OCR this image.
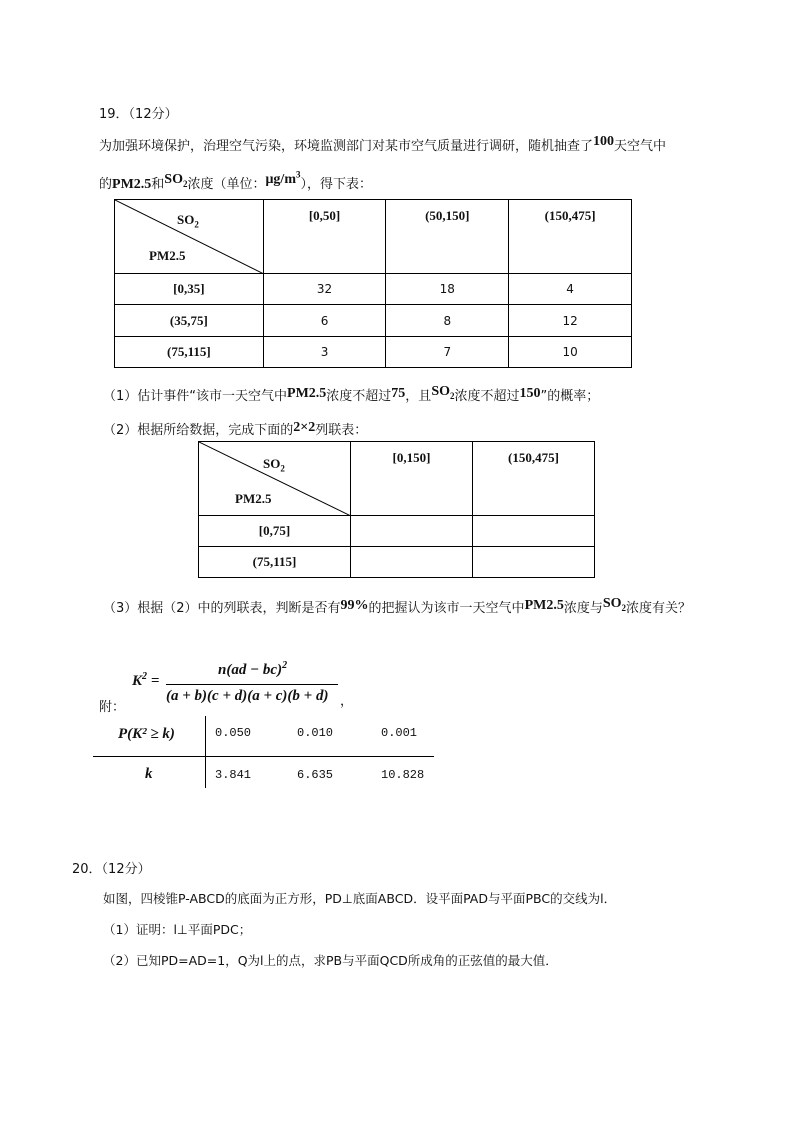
19．（12分）
为加强环境保护，治理空气污染，环境监测部门对某市空气质量进行调研，随机抽查了100天空气中
的PM2.5和$SO_2$浓度（单位：$\mu g/m^3$），得下表：
$SO_2$
PM2.5	[0,50]	(50,150]	(150,475]
[0,35]	32	18	4
(35,75]	6	8	12
(75,115]	3	7	10
（1）估计事件“该市一天空气中PM2.5浓度不超过75，且$SO_2$浓度不超过150”的概率；
（2）根据所给数据，完成下面的2×2列联表：
$SO_2$
PM2.5	[0,150]	(150,475]
[0,75]		
(75,115]		
（3）根据（2）中的列联表，判断是否有99%的把握认为该市一天空气中PM2.5浓度与$SO_2$浓度有关？
附：
$K^2$ =
n(ad − bc)$^2$
(a + b)(c + d)(a + c)(b + d) ，
P(K² ≥ k)	0.050	0.010	0.001
k	3.841	6.635	10.828
20．（12分）
如图，四棱锥P-ABCD的底面为正方形，PD⊥底面ABCD．设平面PAD与平面PBC的交线为l．
（1）证明：l⊥平面PDC；
（2）已知PD=AD=1，Q为l上的点，求PB与平面QCD所成角的正弦值的最大值．
